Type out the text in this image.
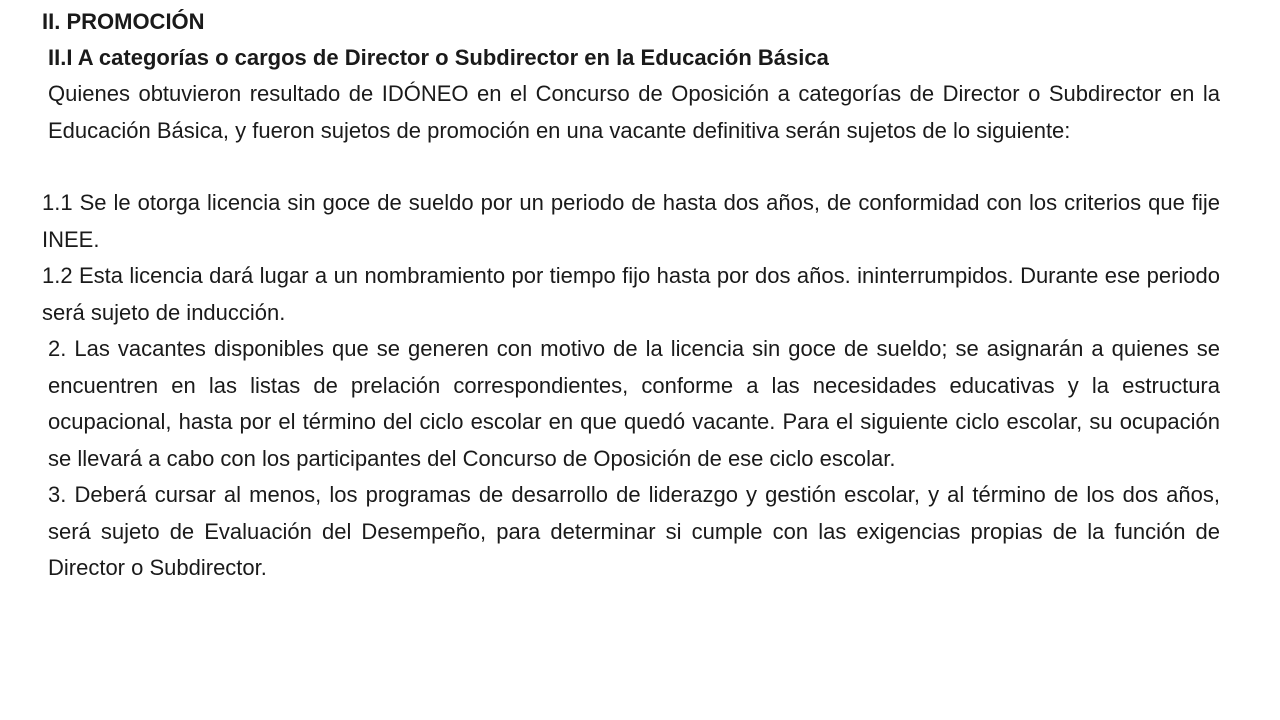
II. PROMOCIÓN

II.I A categorías o cargos de Director o Subdirector en la Educación Básica

Quienes obtuvieron resultado de IDÓNEO en el Concurso de Oposición a categorías de Director o Subdirector en la Educación Básica, y fueron sujetos de promoción en una vacante definitiva serán sujetos de lo siguiente:

1.1 Se le otorga licencia sin goce de sueldo por un periodo de hasta dos años, de conformidad con los criterios que fije INEE.

1.2 Esta licencia dará lugar a un nombramiento por tiempo fijo hasta por dos años. ininterrumpidos. Durante ese periodo será sujeto de inducción.

2. Las vacantes disponibles que se generen con motivo de la licencia sin goce de sueldo; se asignarán a quienes se encuentren en las listas de prelación correspondientes, conforme a las necesidades educativas y la estructura ocupacional, hasta por el término del ciclo escolar en que quedó vacante. Para el siguiente ciclo escolar, su ocupación se llevará a cabo con los participantes del Concurso de Oposición de ese ciclo escolar.

3. Deberá cursar al menos, los programas de desarrollo de liderazgo y gestión escolar, y al término de los dos años, será sujeto de Evaluación del Desempeño, para determinar si cumple con las exigencias propias de la función de Director o Subdirector.
